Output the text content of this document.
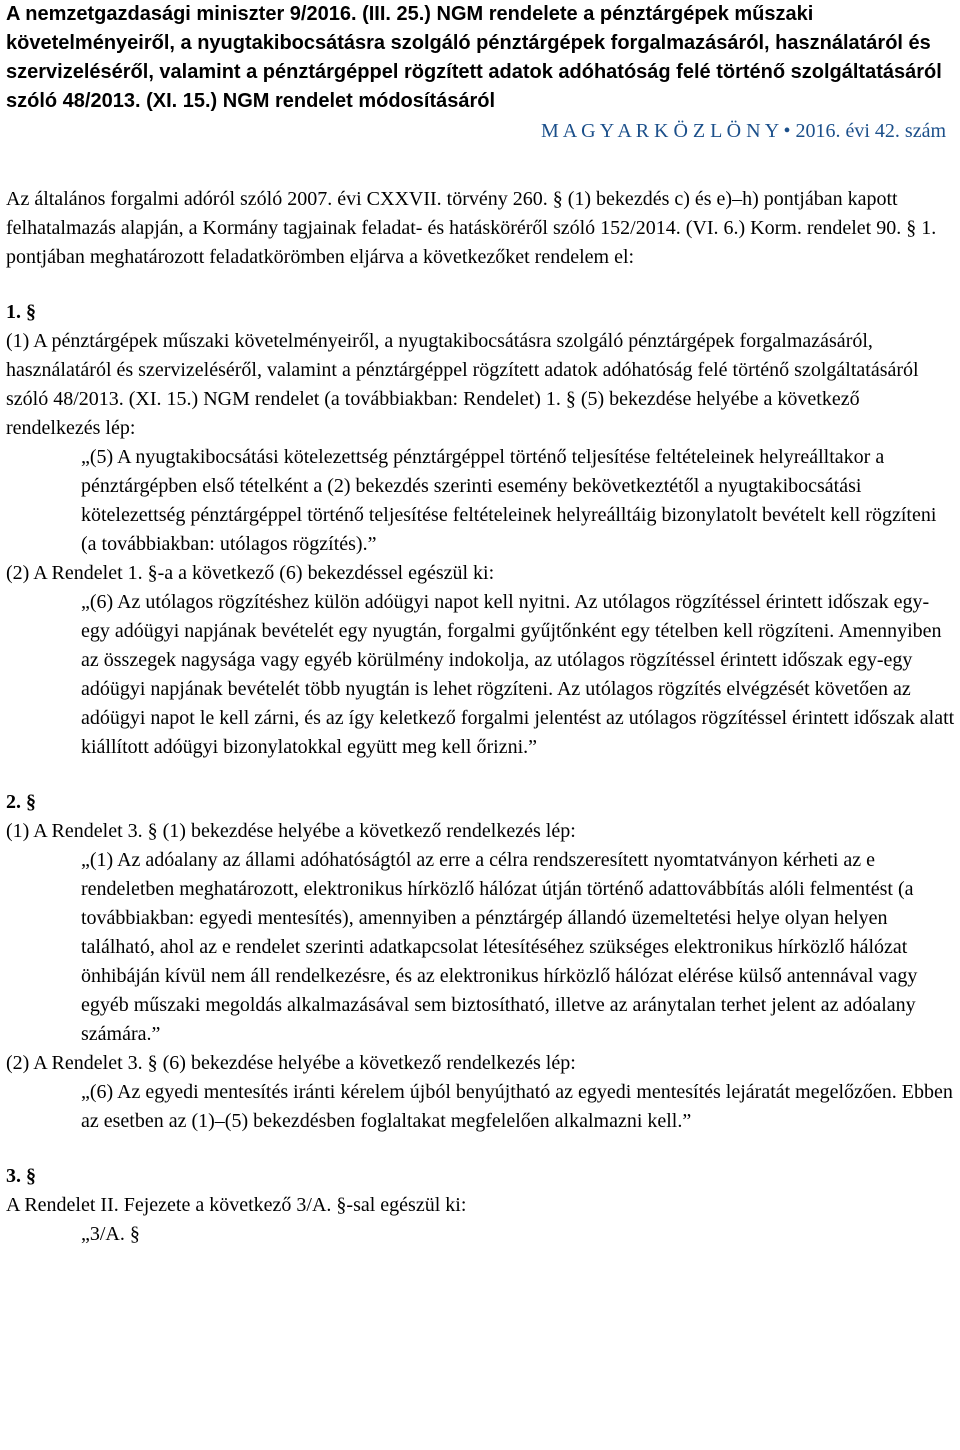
A nemzetgazdasági miniszter 9/2016. (III. 25.) NGM rendelete a pénztárgépek műszaki követelményeiről, a nyugtakibocsátásra szolgáló pénztárgépek forgalmazásáról, használatáról és szervizeléséről, valamint a pénztárgéppel rögzített adatok adóhatóság felé történő szolgáltatásáról szóló 48/2013. (XI. 15.) NGM rendelet módosításáról

M A G Y A R K Ö Z L Ö N Y • 2016. évi 42. szám

Az általános forgalmi adóról szóló 2007. évi CXXVII. törvény 260. § (1) bekezdés c) és e)–h) pontjában kapott felhatalmazás alapján, a Kormány tagjainak feladat- és hatásköréről szóló 152/2014. (VI. 6.) Korm. rendelet 90. § 1. pontjában meghatározott feladatkörömben eljárva a következőket rendelem el:

1. §

(1) A pénztárgépek műszaki követelményeiről, a nyugtakibocsátásra szolgáló pénztárgépek forgalmazásáról, használatáról és szervizeléséről, valamint a pénztárgéppel rögzített adatok adóhatóság felé történő szolgáltatásáról szóló 48/2013. (XI. 15.) NGM rendelet (a továbbiakban: Rendelet) 1. § (5) bekezdése helyébe a következő rendelkezés lép:

„(5) A nyugtakibocsátási kötelezettség pénztárgéppel történő teljesítése feltételeinek helyreálltakor a pénztárgépben első tételként a (2) bekezdés szerinti esemény bekövetkeztétől a nyugtakibocsátási kötelezettség pénztárgéppel történő teljesítése feltételeinek helyreálltáig bizonylatolt bevételt kell rögzíteni (a továbbiakban: utólagos rögzítés).”

(2) A Rendelet 1. §-a a következő (6) bekezdéssel egészül ki:

„(6) Az utólagos rögzítéshez külön adóügyi napot kell nyitni. Az utólagos rögzítéssel érintett időszak egy-egy adóügyi napjának bevételét egy nyugtán, forgalmi gyűjtőnként egy tételben kell rögzíteni. Amennyiben az összegek nagysága vagy egyéb körülmény indokolja, az utólagos rögzítéssel érintett időszak egy-egy adóügyi napjának bevételét több nyugtán is lehet rögzíteni. Az utólagos rögzítés elvégzését követően az adóügyi napot le kell zárni, és az így keletkező forgalmi jelentést az utólagos rögzítéssel érintett időszak alatt kiállított adóügyi bizonylatokkal együtt meg kell őrizni.”

2. §

(1) A Rendelet 3. § (1) bekezdése helyébe a következő rendelkezés lép:

„(1) Az adóalany az állami adóhatóságtól az erre a célra rendszeresített nyomtatványon kérheti az e rendeletben meghatározott, elektronikus hírközlő hálózat útján történő adattovábbítás alóli felmentést (a továbbiakban: egyedi mentesítés), amennyiben a pénztárgép állandó üzemeltetési helye olyan helyen található, ahol az e rendelet szerinti adatkapcsolat létesítéséhez szükséges elektronikus hírközlő hálózat önhibáján kívül nem áll rendelkezésre, és az elektronikus hírközlő hálózat elérése külső antennával vagy egyéb műszaki megoldás alkalmazásával sem biztosítható, illetve az aránytalan terhet jelent az adóalany számára.”

(2) A Rendelet 3. § (6) bekezdése helyébe a következő rendelkezés lép:

„(6) Az egyedi mentesítés iránti kérelem újból benyújtható az egyedi mentesítés lejáratát megelőzően. Ebben az esetben az (1)–(5) bekezdésben foglaltakat megfelelően alkalmazni kell.”

3. §

A Rendelet II. Fejezete a következő 3/A. §-sal egészül ki:

„3/A. §
